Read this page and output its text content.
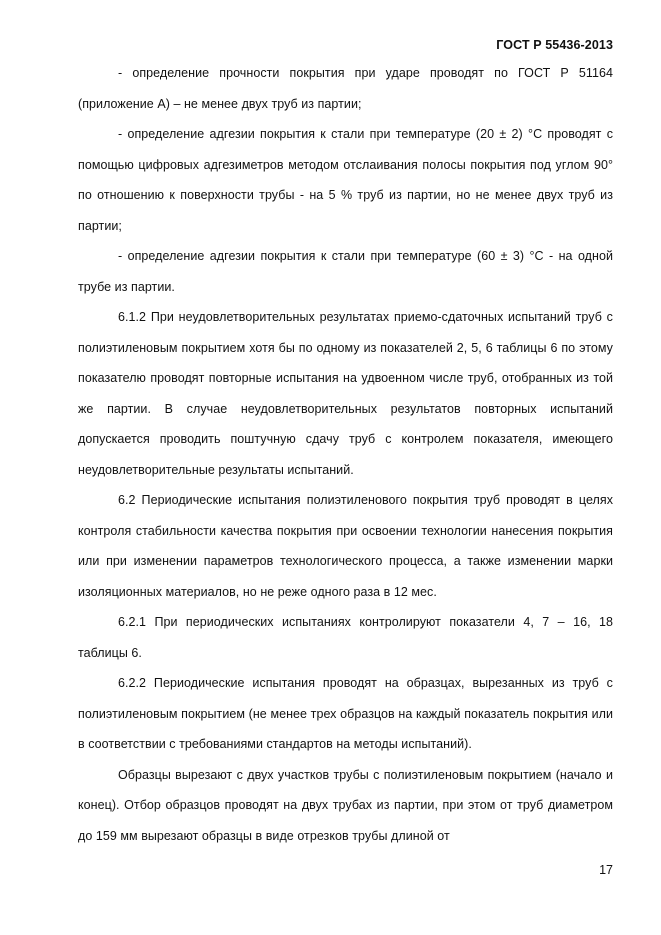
ГОСТ Р 55436-2013

- определение прочности покрытия при ударе проводят по ГОСТ Р 51164 (приложение А) – не менее двух труб из партии;

- определение адгезии покрытия к стали при температуре (20 ± 2) °С проводят с помощью цифровых адгезиметров методом отслаивания полосы покрытия под углом 90° по отношению к поверхности трубы - на 5 % труб из партии, но не менее двух труб из партии;

- определение адгезии покрытия к стали при температуре (60 ± 3) °С - на одной трубе из партии.

6.1.2 При неудовлетворительных результатах приемо-сдаточных испытаний труб с полиэтиленовым покрытием хотя бы по одному из показателей 2, 5, 6 таблицы 6 по этому показателю проводят повторные испытания на удвоенном числе труб, отобранных из той же партии. В случае неудовлетворительных результатов повторных испытаний допускается проводить поштучную сдачу труб с контролем показателя, имеющего неудовлетворительные результаты испытаний.

6.2 Периодические испытания полиэтиленового покрытия труб проводят в целях контроля стабильности качества покрытия при освоении технологии нанесения покрытия или при изменении параметров технологического процесса, а также изменении марки изоляционных материалов, но не реже одного раза в 12 мес.

6.2.1 При периодических испытаниях контролируют показатели 4, 7 – 16, 18 таблицы 6.

6.2.2 Периодические испытания проводят на образцах, вырезанных из труб с полиэтиленовым покрытием (не менее трех образцов на каждый показатель покрытия или в соответствии с требованиями стандартов на методы испытаний).

Образцы вырезают с двух участков трубы с полиэтиленовым покрытием (начало и конец). Отбор образцов проводят на двух трубах из партии, при этом от труб диаметром до 159 мм вырезают образцы в виде отрезков трубы длиной от

17
